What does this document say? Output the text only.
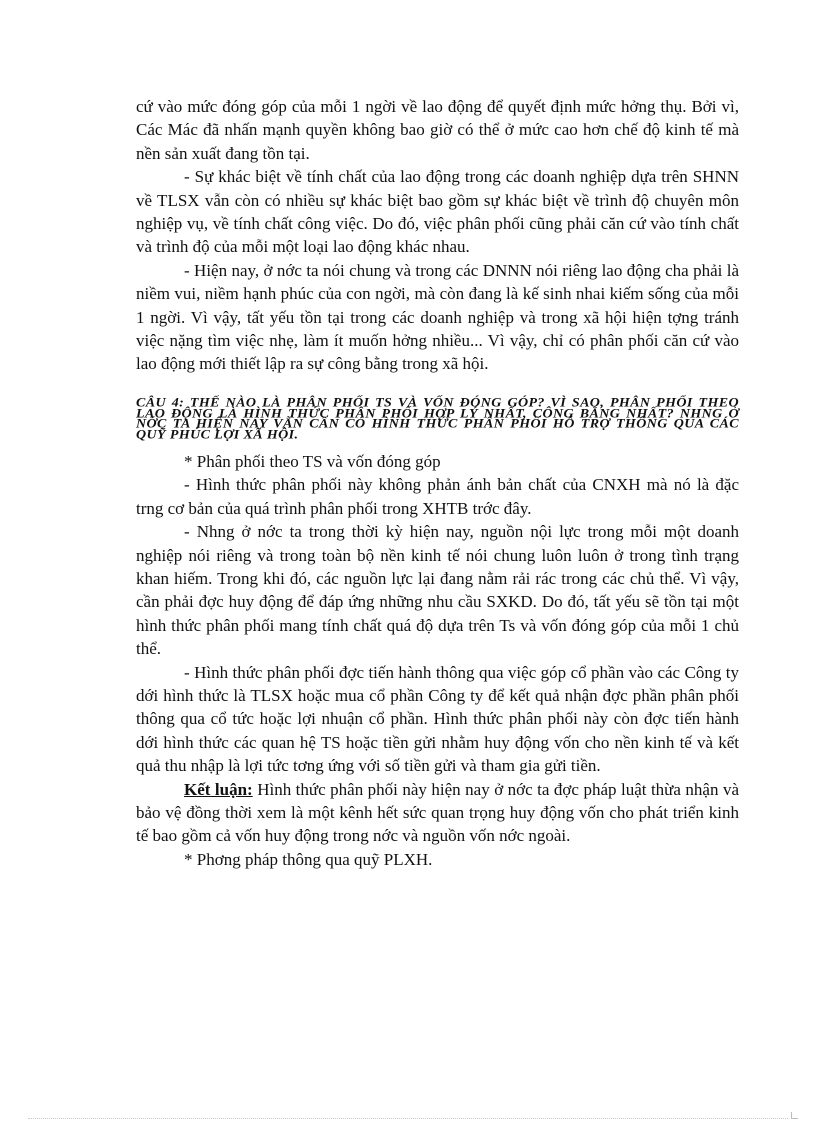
cứ vào mức đóng góp của mỗi 1 ngời về lao động để quyết định mức hởng thụ. Bởi vì, Các Mác đã nhấn mạnh quyền không bao giờ có thể ở mức cao hơn chế độ kinh tế mà nền sản xuất đang tồn tại.

- Sự khác biệt về tính chất của lao động trong các doanh nghiệp dựa trên SHNN về TLSX vẫn còn có nhiều sự khác biệt bao gồm sự khác biệt về trình độ chuyên môn nghiệp vụ, về tính chất công việc. Do đó, việc phân phối cũng phải căn cứ vào tính chất và trình độ của mỗi một loại lao động khác nhau.

- Hiện nay, ở nớc ta nói chung và trong các DNNN nói riêng lao động cha phải là niềm vui, niềm hạnh phúc của con ngời, mà còn đang là kế sinh nhai kiếm sống của mỗi 1 ngời. Vì vậy, tất yếu tồn tại trong các doanh nghiệp và trong xã hội hiện tợng tránh việc nặng tìm việc nhẹ, làm ít muốn hởng nhiều... Vì vậy, chỉ có phân phối căn cứ vào lao động mới thiết lập ra sự công bằng trong xã hội.

CÂU 4: THẾ NÀO LÀ PHÂN PHỐI TS VÀ VỐN ĐÓNG GÓP? VÌ SAO, PHÂN PHỐI THEO LAO ĐỘNG LÀ HÌNH THỨC PHÂN PHỐI HỢP LÝ NHẤT, CÔNG BẰNG NHẤT? NHNG Ở NỚC TA HIỆN NAY VẪN CẦN CÓ HÌNH THỨC PHÂN PHỐI HỖ TRỢ THÔNG QUA CÁC QUỸ PHÚC LỢI XÃ HỘI.

* Phân phối theo TS và vốn đóng góp

- Hình thức phân phối này không phản ánh bản chất của CNXH mà nó là đặc trng cơ bản của quá trình phân phối trong XHTB trớc đây.

- Nhng ở nớc ta trong thời kỳ hiện nay, nguồn nội lực trong mỗi một doanh nghiệp nói riêng và trong toàn bộ nền kinh tế nói chung luôn luôn ở trong tình trạng khan hiếm. Trong khi đó, các nguồn lực lại đang nằm rải rác trong các chủ thể. Vì vậy, cần phải đợc huy động để đáp ứng những nhu cầu SXKD. Do đó, tất yếu sẽ tồn tại một hình thức phân phối mang tính chất quá độ dựa trên Ts và vốn đóng góp của mỗi 1 chủ thể.

- Hình thức phân phối đợc tiến hành thông qua việc góp cổ phần vào các Công ty dới hình thức là TLSX hoặc mua cổ phần Công ty để kết quả nhận đợc phần phân phối thông qua cổ tức hoặc lợi nhuận cổ phần. Hình thức phân phối này còn đợc tiến hành dới hình thức các quan hệ TS hoặc tiền gửi nhằm huy động vốn cho nền kinh tế và kết quả thu nhập là lợi tức tơng ứng với số tiền gửi và tham gia gửi tiền.

Kết luận: Hình thức phân phối này hiện nay ở nớc ta đợc pháp luật thừa nhận và bảo vệ đồng thời xem là một kênh hết sức quan trọng huy động vốn cho phát triển kinh tế bao gồm cả vốn huy động trong nớc và nguồn vốn nớc ngoài.

* Phơng pháp thông qua quỹ PLXH.
